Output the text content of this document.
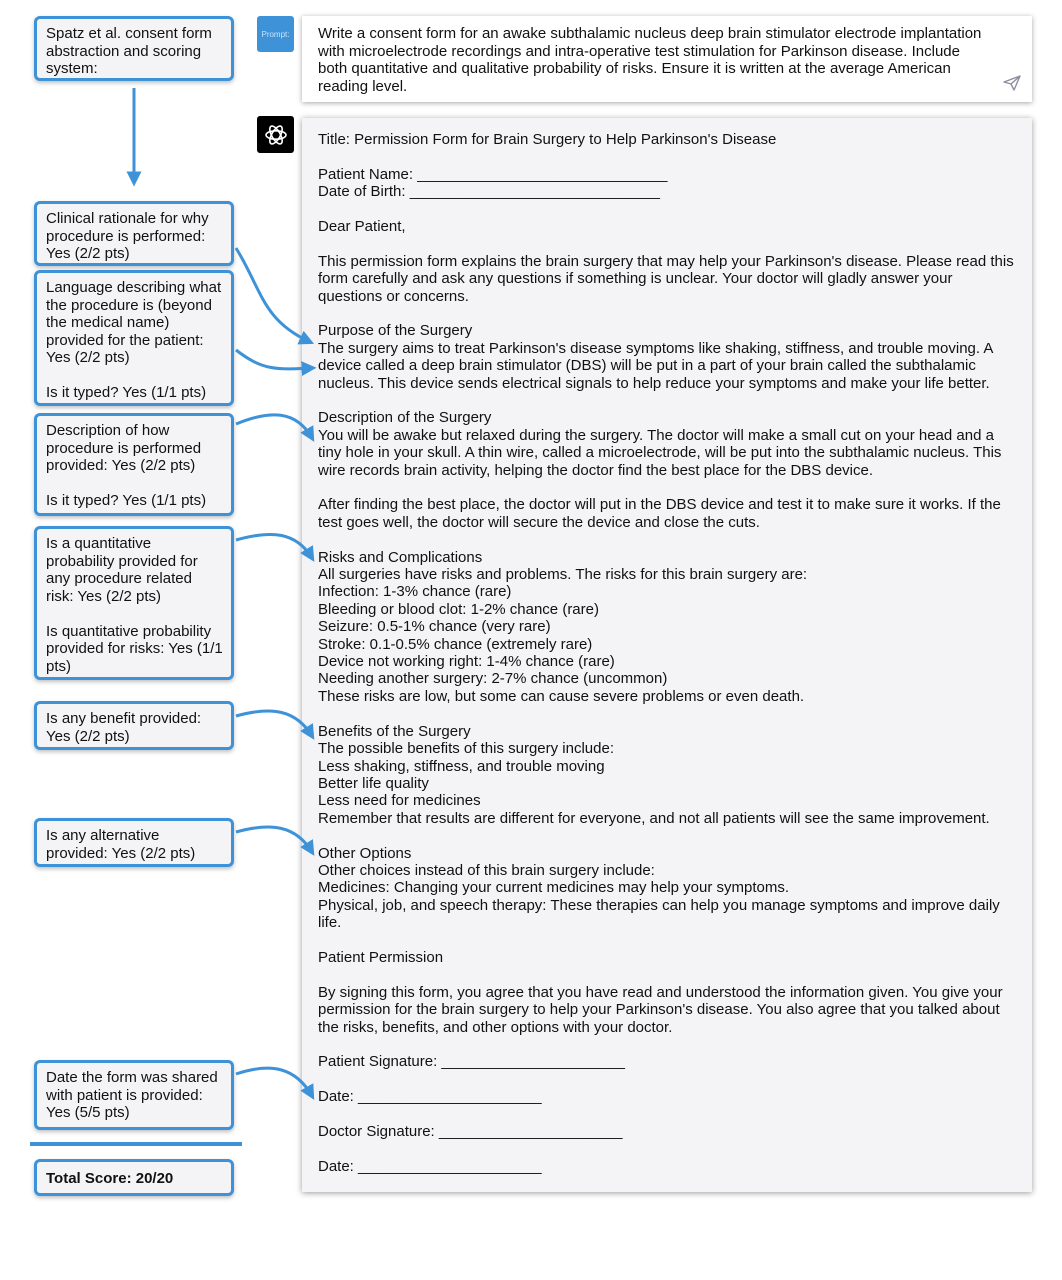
Spatz et al. consent form abstraction and scoring system:
Clinical rationale for why procedure is performed: Yes (2/2 pts)
Language describing what the procedure is (beyond the medical name) provided for the patient: Yes (2/2 pts)

Is it typed? Yes (1/1 pts)
Description of how procedure is performed provided: Yes (2/2 pts)

Is it typed? Yes (1/1 pts)
Is a quantitative probability provided for any procedure related risk: Yes (2/2 pts)

Is quantitative probability provided for risks: Yes (1/1 pts)
Is any benefit provided: Yes (2/2 pts)
Is any alternative provided: Yes (2/2 pts)
Date the form was shared with patient is provided: Yes (5/5 pts)
Total Score: 20/20
Prompt: Write a consent form for an awake subthalamic nucleus deep brain stimulator electrode implantation with microelectrode recordings and intra-operative test stimulation for Parkinson disease. Include both quantitative and qualitative probability of risks. Ensure it is written at the average American reading level.
Title: Permission Form for Brain Surgery to Help Parkinson's Disease
Patient Name: ______________________________
Date of Birth: ______________________________
Dear Patient,
This permission form explains the brain surgery that may help your Parkinson's disease. Please read this form carefully and ask any questions if something is unclear. Your doctor will gladly answer your questions or concerns.
Purpose of the Surgery
The surgery aims to treat Parkinson's disease symptoms like shaking, stiffness, and trouble moving. A device called a deep brain stimulator (DBS) will be put in a part of your brain called the subthalamic nucleus. This device sends electrical signals to help reduce your symptoms and make your life better.
Description of the Surgery
You will be awake but relaxed during the surgery. The doctor will make a small cut on your head and a tiny hole in your skull. A thin wire, called a microelectrode, will be put into the subthalamic nucleus. This wire records brain activity, helping the doctor find the best place for the DBS device.
After finding the best place, the doctor will put in the DBS device and test it to make sure it works. If the test goes well, the doctor will secure the device and close the cuts.
Risks and Complications
All surgeries have risks and problems. The risks for this brain surgery are:
Infection: 1-3% chance (rare)
Bleeding or blood clot: 1-2% chance (rare)
Seizure: 0.5-1% chance (very rare)
Stroke: 0.1-0.5% chance (extremely rare)
Device not working right: 1-4% chance (rare)
Needing another surgery: 2-7% chance (uncommon)
These risks are low, but some can cause severe problems or even death.
Benefits of the Surgery
The possible benefits of this surgery include:
Less shaking, stiffness, and trouble moving
Better life quality
Less need for medicines
Remember that results are different for everyone, and not all patients will see the same improvement.
Other Options
Other choices instead of this brain surgery include:
Medicines: Changing your current medicines may help your symptoms.
Physical, job, and speech therapy: These therapies can help you manage symptoms and improve daily life.
Patient Permission
By signing this form, you agree that you have read and understood the information given. You give your permission for the brain surgery to help your Parkinson's disease. You also agree that you talked about the risks, benefits, and other options with your doctor.
Patient Signature: ______________________
Date: ______________________
Doctor Signature: ______________________
Date: ______________________
